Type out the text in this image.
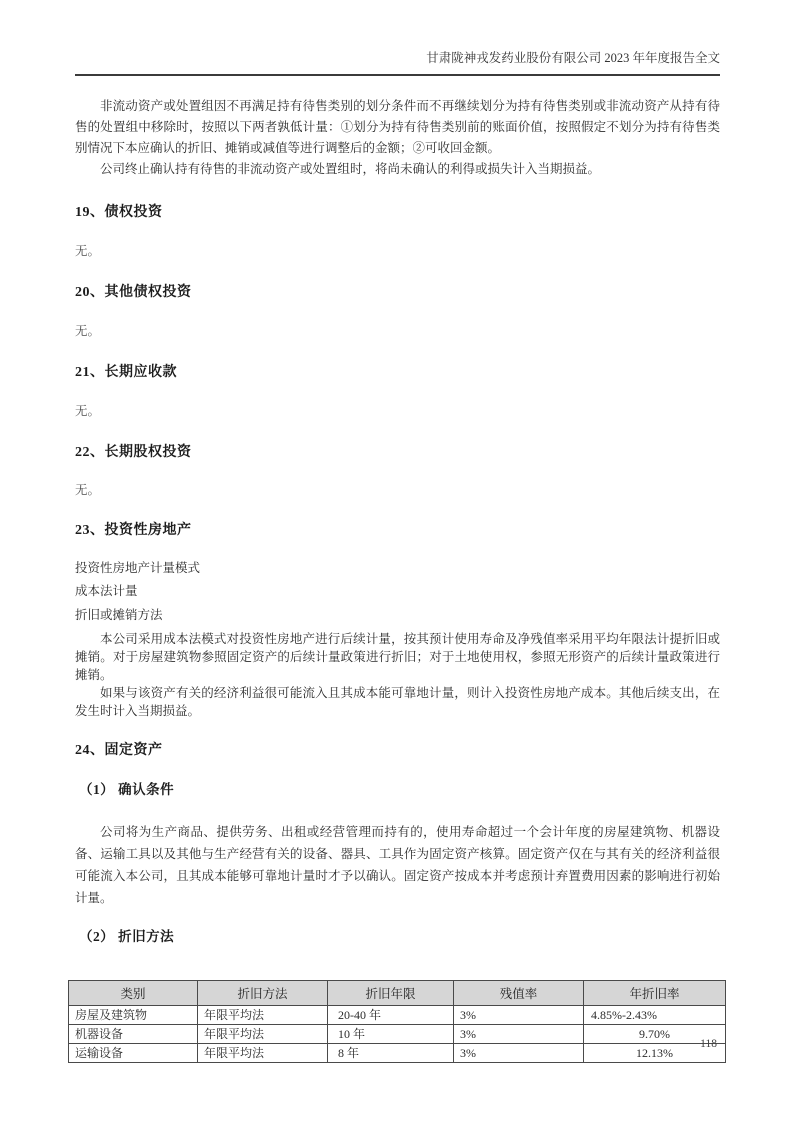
甘肃陇神戎发药业股份有限公司 2023 年年度报告全文

非流动资产或处置组因不再满足持有待售类别的划分条件而不再继续划分为持有待售类别或非流动资产从持有待售的处置组中移除时，按照以下两者孰低计量：①划分为持有待售类别前的账面价值，按照假定不划分为持有待售类别情况下本应确认的折旧、摊销或减值等进行调整后的金额；②可收回金额。

公司终止确认持有待售的非流动资产或处置组时，将尚未确认的利得或损失计入当期损益。

19、债权投资

无。

20、其他债权投资

无。

21、长期应收款

无。

22、长期股权投资

无。

23、投资性房地产

投资性房地产计量模式

成本法计量

折旧或摊销方法

本公司采用成本法模式对投资性房地产进行后续计量，按其预计使用寿命及净残值率采用平均年限法计提折旧或摊销。对于房屋建筑物参照固定资产的后续计量政策进行折旧；对于土地使用权，参照无形资产的后续计量政策进行摊销。

如果与该资产有关的经济利益很可能流入且其成本能可靠地计量，则计入投资性房地产成本。其他后续支出，在发生时计入当期损益。

24、固定资产
（1） 确认条件

公司将为生产商品、提供劳务、出租或经营管理而持有的，使用寿命超过一个会计年度的房屋建筑物、机器设备、运输工具以及其他与生产经营有关的设备、器具、工具作为固定资产核算。固定资产仅在与其有关的经济利益很可能流入本公司，且其成本能够可靠地计量时才予以确认。固定资产按成本并考虑预计弃置费用因素的影响进行初始计量。

（2） 折旧方法
类别	折旧方法	折旧年限	残值率	年折旧率
房屋及建筑物	年限平均法	20-40 年	3%	4.85%-2.43%
机器设备	年限平均法	10 年	3%	9.70%
运输设备	年限平均法	8 年	3%	12.13%
118
